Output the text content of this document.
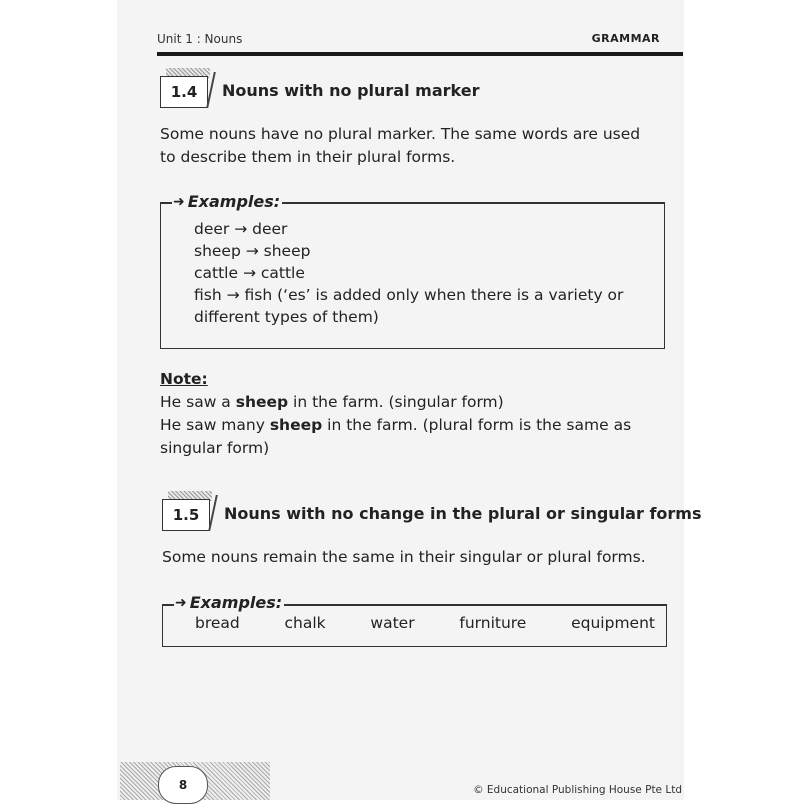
Unit 1 : Nouns	GRAMMAR
1.4	Nouns with no plural marker
Some nouns have no plural marker. The same words are used
to describe them in their plural forms.
➜ Examples:
deer → deer
sheep → sheep
cattle → cattle
fish → fish (‘es’ is added only when there is a variety or
different types of them)
Note:
He saw a sheep in the farm. (singular form)
He saw many sheep in the farm. (plural form is the same as
singular form)
1.5	Nouns with no change in the plural or singular forms
Some nouns remain the same in their singular or plural forms.
➜ Examples:
bread	chalk	water	furniture	equipment
8	© Educational Publishing House Pte Ltd
